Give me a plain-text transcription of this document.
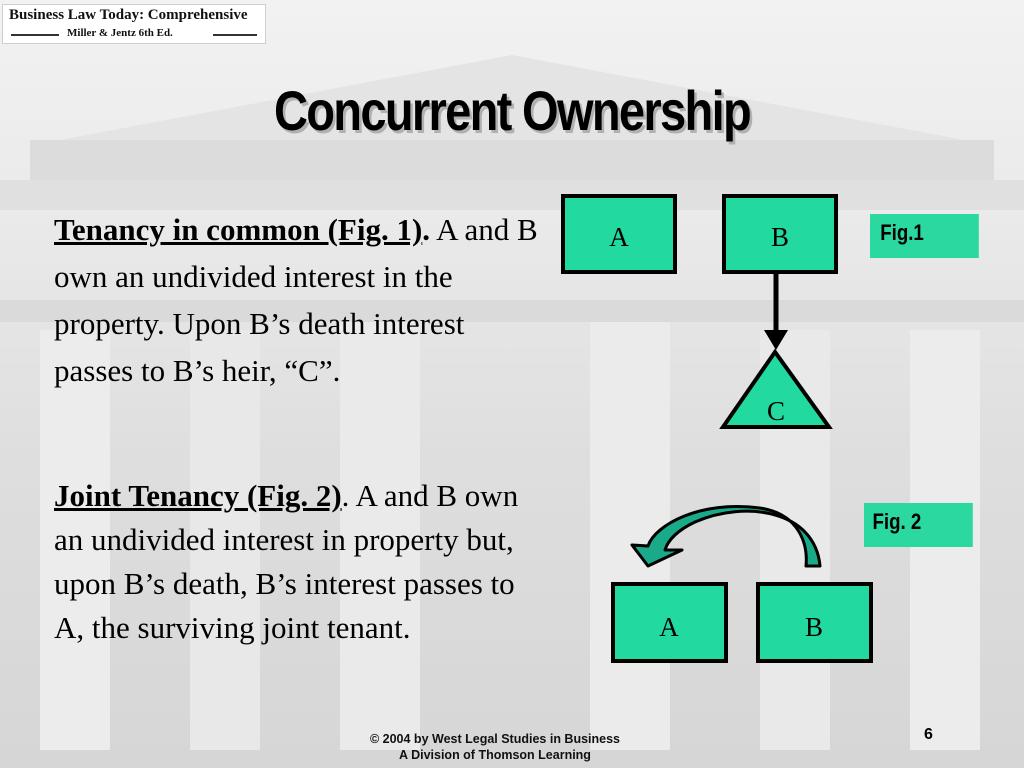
Business Law Today: Comprehensive
Miller & Jentz 6th Ed.
Concurrent Ownership
Tenancy in common (Fig. 1). A and B own an undivided interest in the property. Upon B’s death interest passes to B’s heir, “C”.
Joint Tenancy (Fig. 2). A and B own an undivided interest in property but, upon B’s death, B’s interest passes to A, the surviving joint tenant.
A	B
C
A	B
Fig.1
Fig. 2
© 2004 by West Legal Studies in Business
A Division of Thomson Learning
6
